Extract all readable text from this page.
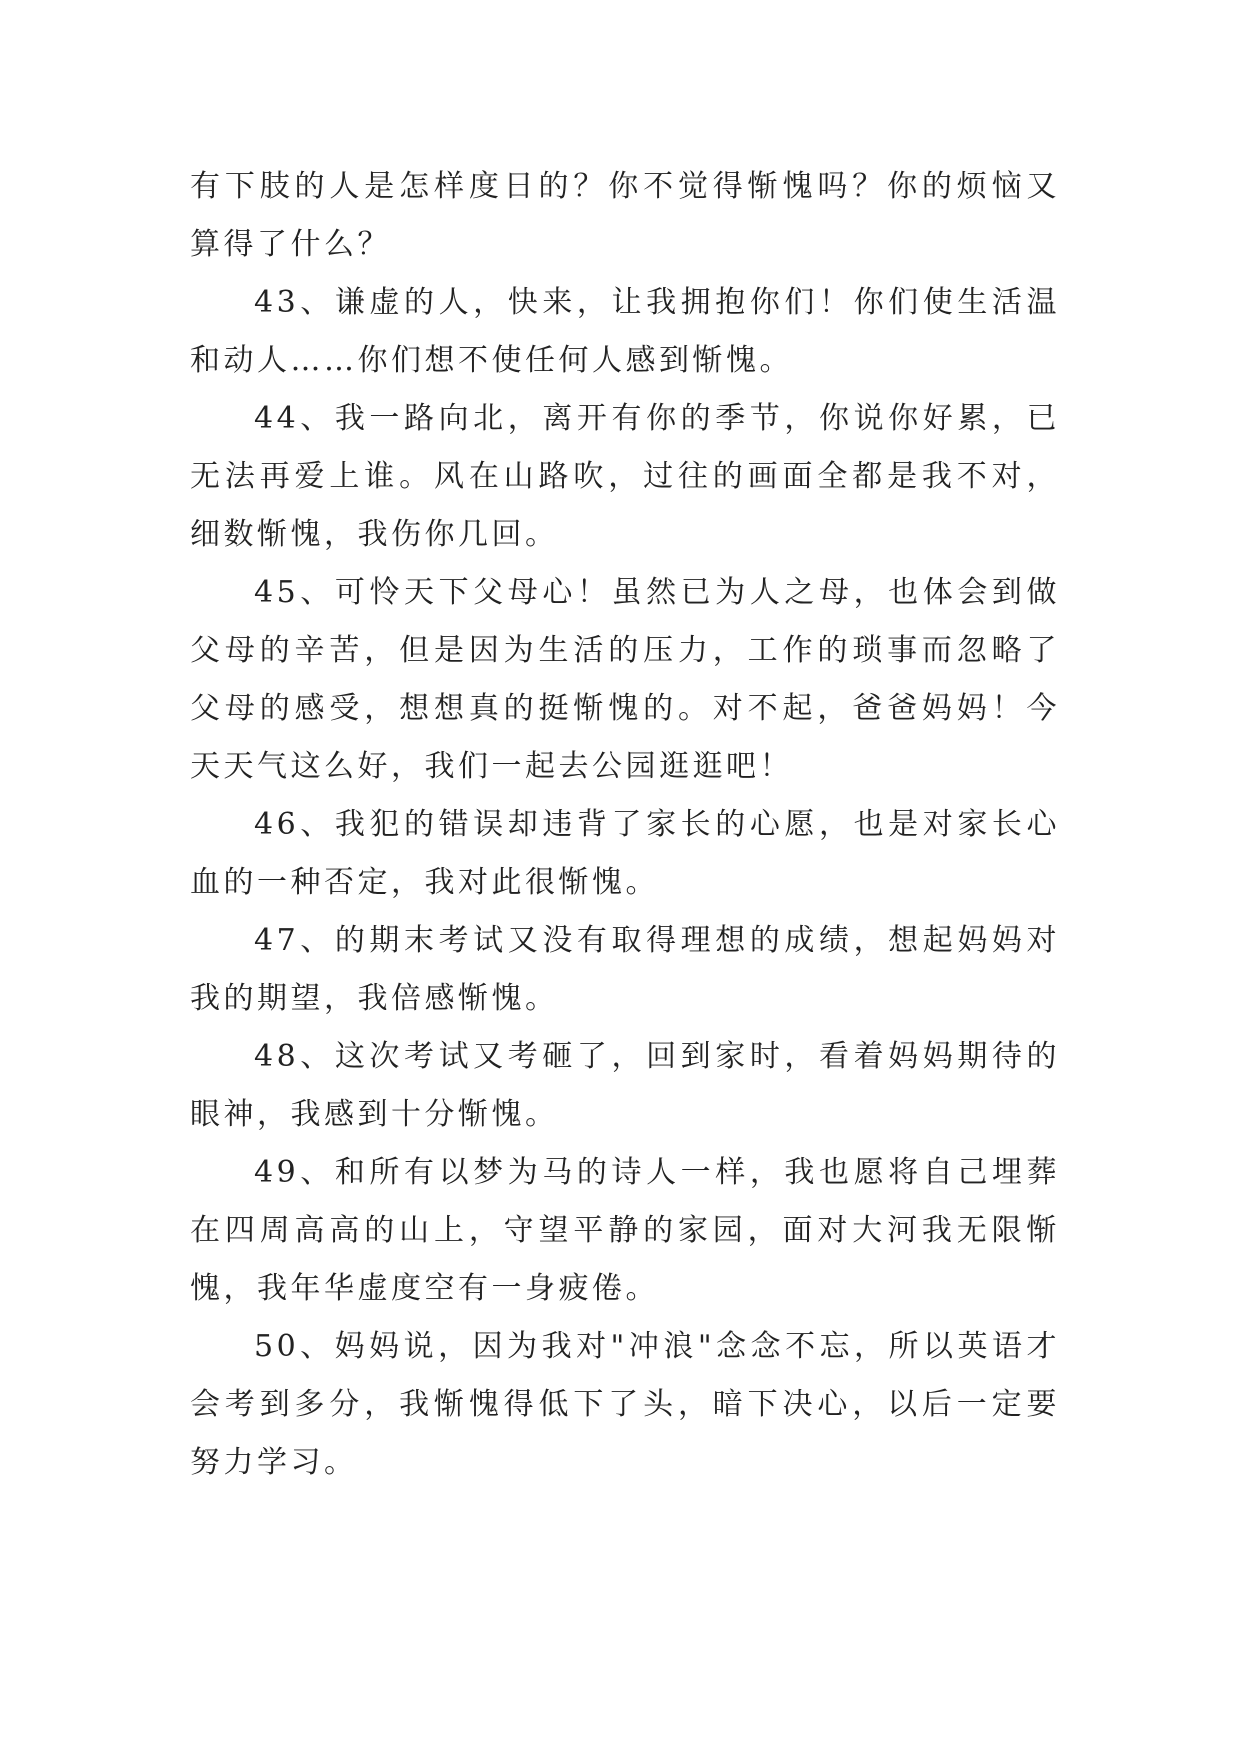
有下肢的人是怎样度日的？你不觉得惭愧吗？你的烦恼又算得了什么？

43、谦虚的人，快来，让我拥抱你们！你们使生活温和动人……你们想不使任何人感到惭愧。

44、我一路向北，离开有你的季节，你说你好累，已无法再爱上谁。风在山路吹，过往的画面全都是我不对，细数惭愧，我伤你几回。

45、可怜天下父母心！虽然已为人之母，也体会到做父母的辛苦，但是因为生活的压力，工作的琐事而忽略了父母的感受，想想真的挺惭愧的。对不起，爸爸妈妈！今天天气这么好，我们一起去公园逛逛吧！

46、我犯的错误却违背了家长的心愿，也是对家长心血的一种否定，我对此很惭愧。

47、的期末考试又没有取得理想的成绩，想起妈妈对我的期望，我倍感惭愧。

48、这次考试又考砸了，回到家时，看着妈妈期待的眼神，我感到十分惭愧。

49、和所有以梦为马的诗人一样，我也愿将自己埋葬在四周高高的山上，守望平静的家园，面对大河我无限惭愧，我年华虚度空有一身疲倦。

50、妈妈说，因为我对"冲浪"念念不忘，所以英语才会考到多分，我惭愧得低下了头，暗下决心，以后一定要努力学习。
